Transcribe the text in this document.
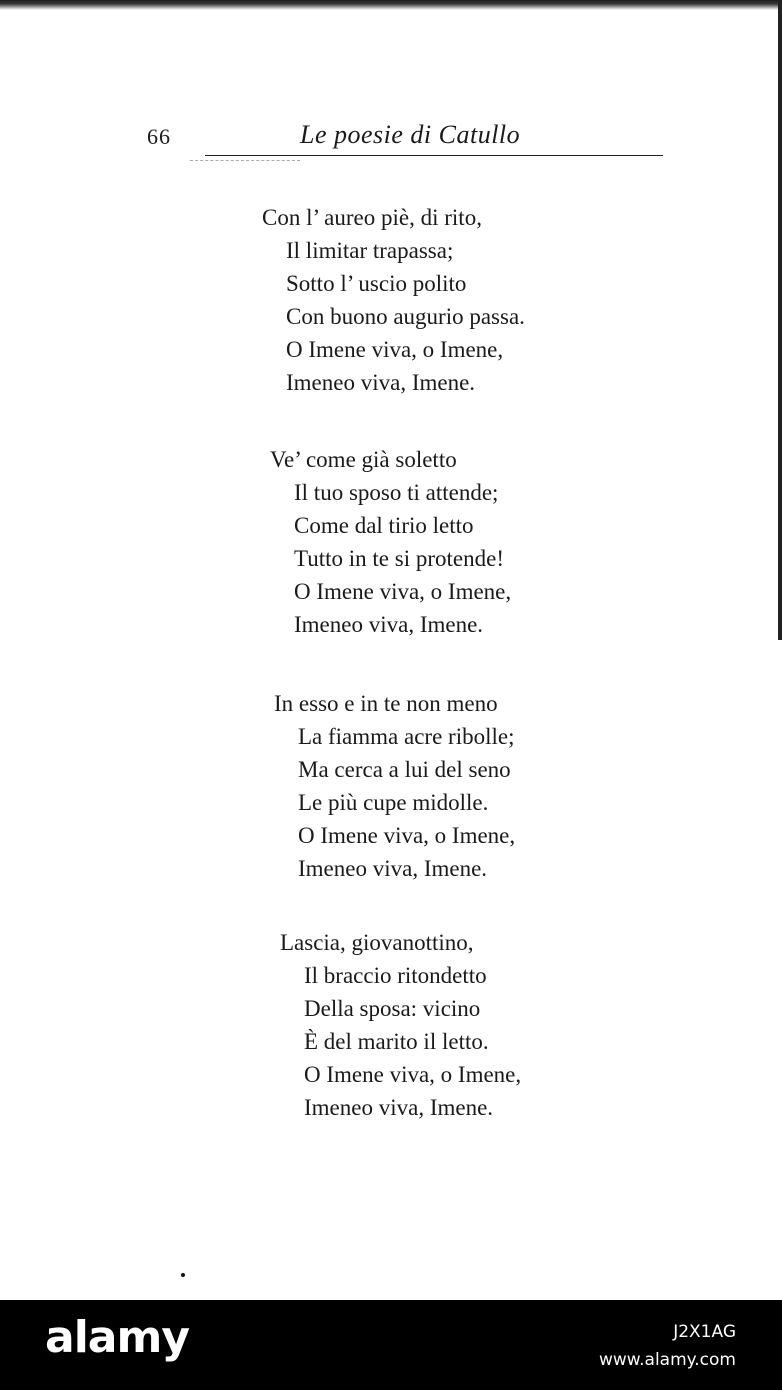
66	Le poesie di Catullo
Con l’ aureo piè, di rito,
Il limitar trapassa;
Sotto l’ uscio polito
Con buono augurio passa.
O Imene viva, o Imene,
Imeneo viva, Imene.
Ve’ come già soletto
Il tuo sposo ti attende;
Come dal tirio letto
Tutto in te si protende!
O Imene viva, o Imene,
Imeneo viva, Imene.
In esso e in te non meno
La fiamma acre ribolle;
Ma cerca a lui del seno
Le più cupe midolle.
O Imene viva, o Imene,
Imeneo viva, Imene.
Lascia, giovanottino,
Il braccio ritondetto
Della sposa: vicino
È del marito il letto.
O Imene viva, o Imene,
Imeneo viva, Imene.
alamy	J2X1AG
www.alamy.com
